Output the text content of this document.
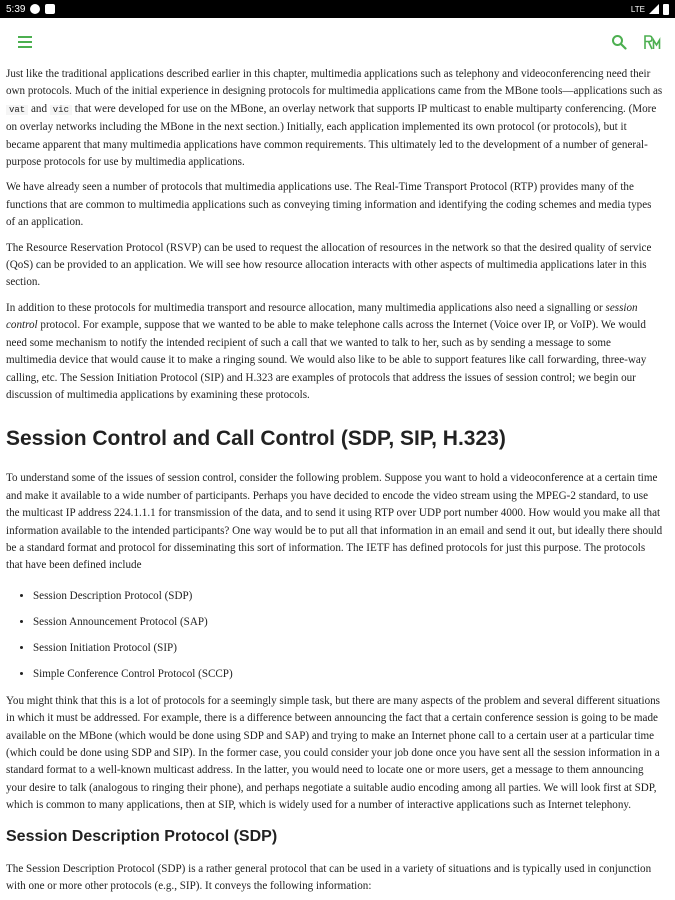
5:39	LTE

Just like the traditional applications described earlier in this chapter, multimedia applications such as telephony and videoconferencing need their own protocols. Much of the initial experience in designing protocols for multimedia applications came from the MBone tools—applications such as vat and vic that were developed for use on the MBone, an overlay network that supports IP multicast to enable multiparty conferencing. (More on overlay networks including the MBone in the next section.) Initially, each application implemented its own protocol (or protocols), but it became apparent that many multimedia applications have common requirements. This ultimately led to the development of a number of general-purpose protocols for use by multimedia applications.

We have already seen a number of protocols that multimedia applications use. The Real-Time Transport Protocol (RTP) provides many of the functions that are common to multimedia applications such as conveying timing information and identifying the coding schemes and media types of an application.

The Resource Reservation Protocol (RSVP) can be used to request the allocation of resources in the network so that the desired quality of service (QoS) can be provided to an application. We will see how resource allocation interacts with other aspects of multimedia applications later in this section.

In addition to these protocols for multimedia transport and resource allocation, many multimedia applications also need a signalling or session control protocol. For example, suppose that we wanted to be able to make telephone calls across the Internet (Voice over IP, or VoIP). We would need some mechanism to notify the intended recipient of such a call that we wanted to talk to her, such as by sending a message to some multimedia device that would cause it to make a ringing sound. We would also like to be able to support features like call forwarding, three-way calling, etc. The Session Initiation Protocol (SIP) and H.323 are examples of protocols that address the issues of session control; we begin our discussion of multimedia applications by examining these protocols.

Session Control and Call Control (SDP, SIP, H.323)

To understand some of the issues of session control, consider the following problem. Suppose you want to hold a videoconference at a certain time and make it available to a wide number of participants. Perhaps you have decided to encode the video stream using the MPEG-2 standard, to use the multicast IP address 224.1.1.1 for transmission of the data, and to send it using RTP over UDP port number 4000. How would you make all that information available to the intended participants? One way would be to put all that information in an email and send it out, but ideally there should be a standard format and protocol for disseminating this sort of information. The IETF has defined protocols for just this purpose. The protocols that have been defined include

• Session Description Protocol (SDP)
• Session Announcement Protocol (SAP)
• Session Initiation Protocol (SIP)
• Simple Conference Control Protocol (SCCP)

You might think that this is a lot of protocols for a seemingly simple task, but there are many aspects of the problem and several different situations in which it must be addressed. For example, there is a difference between announcing the fact that a certain conference session is going to be made available on the MBone (which would be done using SDP and SAP) and trying to make an Internet phone call to a certain user at a particular time (which could be done using SDP and SIP). In the former case, you could consider your job done once you have sent all the session information in a standard format to a well-known multicast address. In the latter, you would need to locate one or more users, get a message to them announcing your desire to talk (analogous to ringing their phone), and perhaps negotiate a suitable audio encoding among all parties. We will look first at SDP, which is common to many applications, then at SIP, which is widely used for a number of interactive applications such as Internet telephony.

Session Description Protocol (SDP)

The Session Description Protocol (SDP) is a rather general protocol that can be used in a variety of situations and is typically used in conjunction with one or more other protocols (e.g., SIP). It conveys the following information:
